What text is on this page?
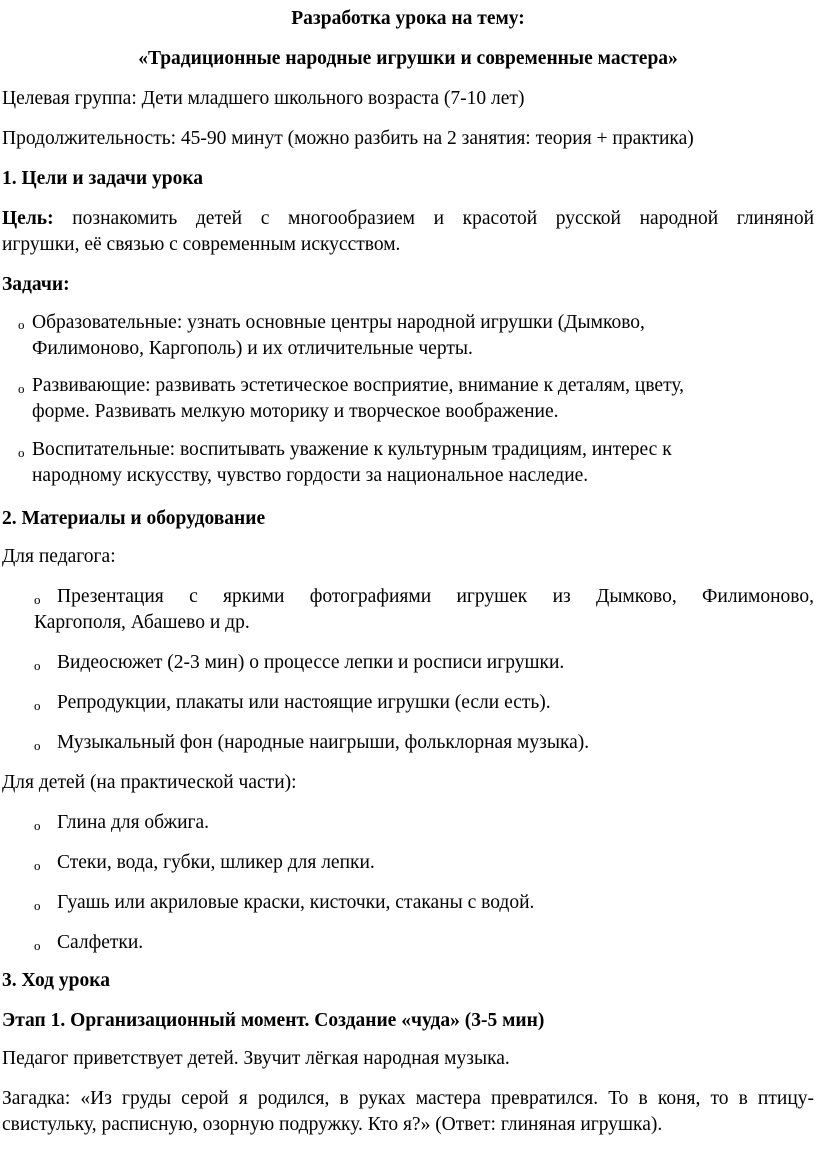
Разработка урока на тему:
«Традиционные народные игрушки и современные мастера»
Целевая группа: Дети младшего школьного возраста (7-10 лет)
Продолжительность: 45-90 минут (можно разбить на 2 занятия: теория + практика)
1. Цели и задачи урока
Цель: познакомить детей с многообразием и красотой русской народной глиняной
игрушки, её связью с современным искусством.
Задачи:
o Образовательные: узнать основные центры народной игрушки (Дымково,
Филимоново, Каргополь) и их отличительные черты.
o Развивающие: развивать эстетическое восприятие, внимание к деталям, цвету,
форме. Развивать мелкую моторику и творческое воображение.
o Воспитательные: воспитывать уважение к культурным традициям, интерес к
народному искусству, чувство гордости за национальное наследие.
2. Материалы и оборудование
Для педагога:
o Презентация с яркими фотографиями игрушек из Дымково, Филимоново,
Каргополя, Абашево и др.
o Видеосюжет (2-3 мин) о процессе лепки и росписи игрушки.
o Репродукции, плакаты или настоящие игрушки (если есть).
o Музыкальный фон (народные наигрыши, фольклорная музыка).
Для детей (на практической части):
o Глина для обжига.
o Стеки, вода, губки, шликер для лепки.
o Гуашь или акриловые краски, кисточки, стаканы с водой.
o Салфетки.
3. Ход урока
Этап 1. Организационный момент. Создание «чуда» (3-5 мин)
Педагог приветствует детей. Звучит лёгкая народная музыка.
Загадка: «Из груды серой я родился, в руках мастера превратился. То в коня, то в птицу-
свистульку, расписную, озорную подружку. Кто я?» (Ответ: глиняная игрушка).
